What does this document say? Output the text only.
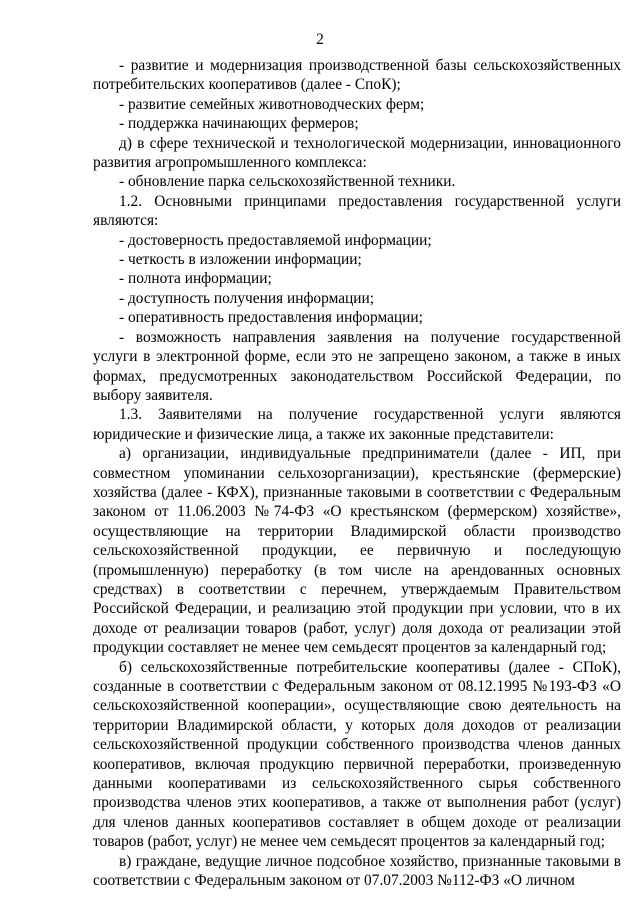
2

- развитие и модернизация производственной базы сельскохозяйственных потребительских кооперативов (далее - СпоК);

- развитие семейных животноводческих ферм;

- поддержка начинающих фермеров;

д) в сфере технической и технологической модернизации, инновационного развития агропромышленного комплекса:

- обновление парка сельскохозяйственной техники.

1.2. Основными принципами предоставления государственной услуги являются:

- достоверность предоставляемой информации;

- четкость в изложении информации;

- полнота информации;

- доступность получения информации;

- оперативность предоставления информации;

- возможность направления заявления на получение государственной услуги в электронной форме, если это не запрещено законом, а также в иных формах, предусмотренных законодательством Российской Федерации, по выбору заявителя.

1.3. Заявителями на получение государственной услуги являются юридические и физические лица, а также их законные представители:

а) организации, индивидуальные предприниматели (далее - ИП, при совместном упоминании сельхозорганизации), крестьянские (фермерские) хозяйства (далее - КФХ), признанные таковыми в соответствии с Федеральным законом от 11.06.2003 №74-ФЗ «О крестьянском (фермерском) хозяйстве», осуществляющие на территории Владимирской области производство сельскохозяйственной продукции, ее первичную и последующую (промышленную) переработку (в том числе на арендованных основных средствах) в соответствии с перечнем, утверждаемым Правительством Российской Федерации, и реализацию этой продукции при условии, что в их доходе от реализации товаров (работ, услуг) доля дохода от реализации этой продукции составляет не менее чем семьдесят процентов за календарный год;

б) сельскохозяйственные потребительские кооперативы (далее - СПоК), созданные в соответствии с Федеральным законом от 08.12.1995 №193-ФЗ «О сельскохозяйственной кооперации», осуществляющие свою деятельность на территории Владимирской области, у которых доля доходов от реализации сельскохозяйственной продукции собственного производства членов данных кооперативов, включая продукцию первичной переработки, произведенную данными кооперативами из сельскохозяйственного сырья собственного производства членов этих кооперативов, а также от выполнения работ (услуг) для членов данных кооперативов составляет в общем доходе от реализации товаров (работ, услуг) не менее чем семьдесят процентов за календарный год;

в) граждане, ведущие личное подсобное хозяйство, признанные таковыми в соответствии с Федеральным законом от 07.07.2003 №112-ФЗ «О личном
